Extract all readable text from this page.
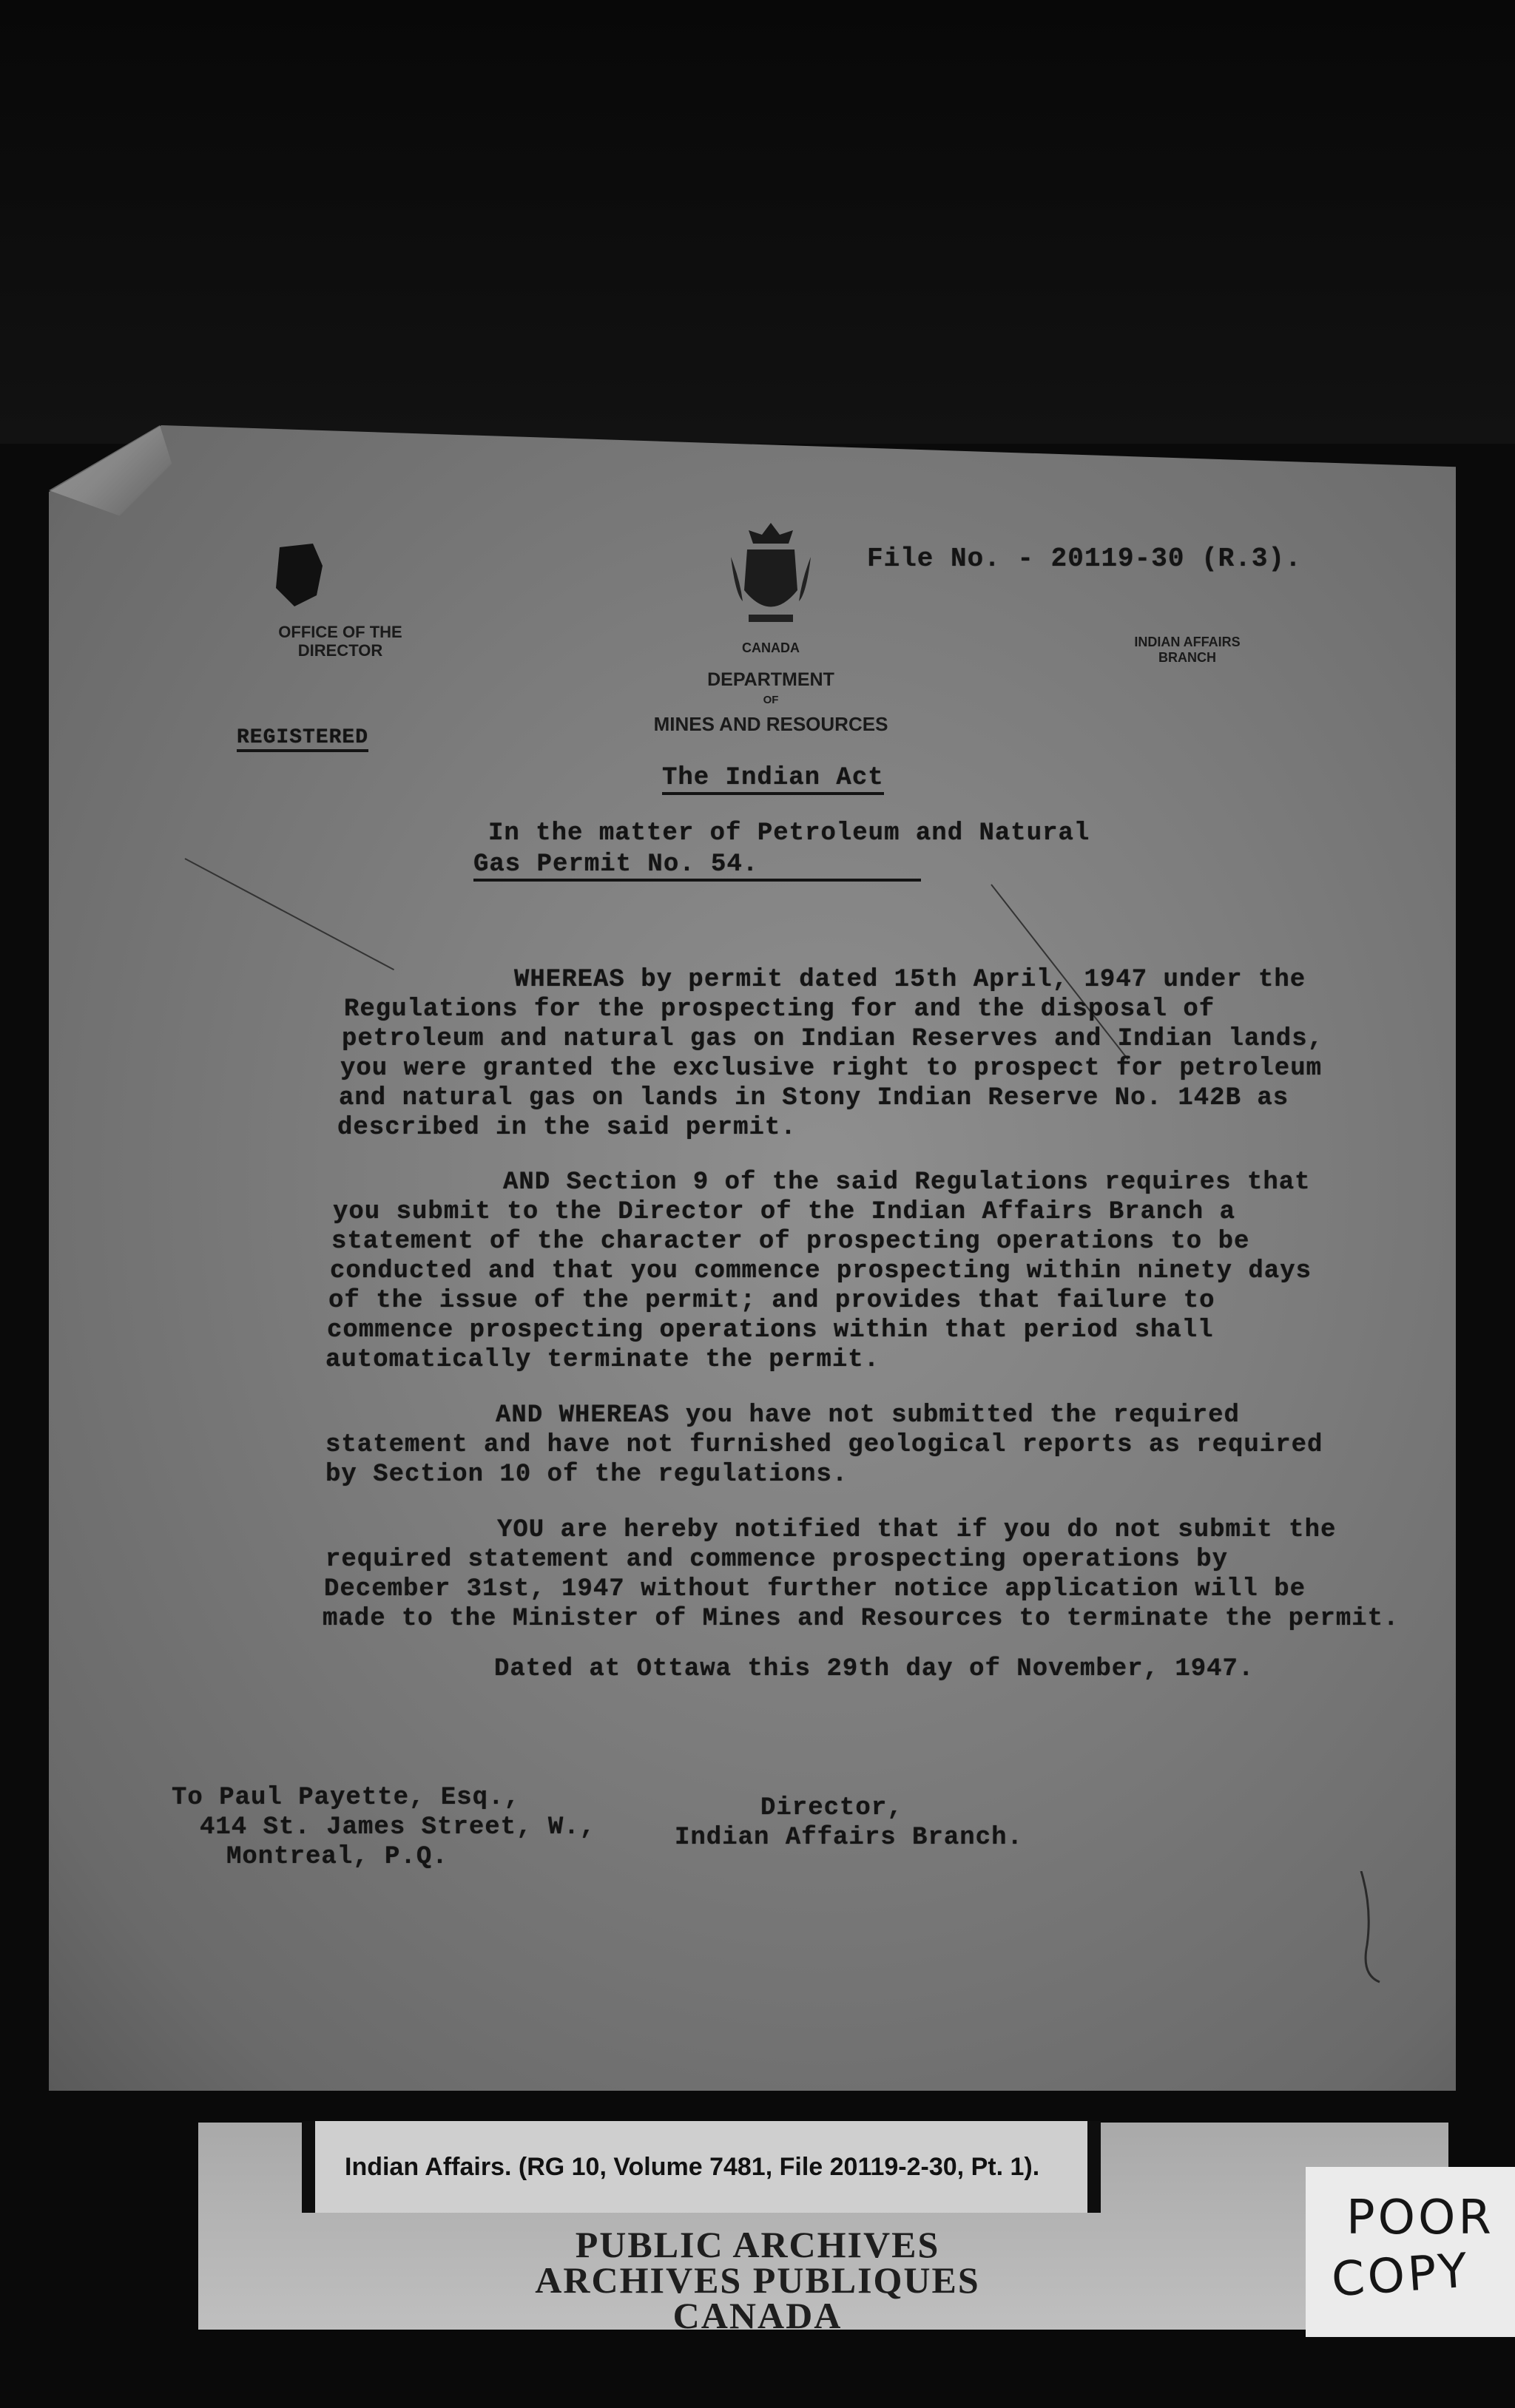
OFFICE OF THE
DIRECTOR	CANADA
DEPARTMENT
OF
MINES AND RESOURCES
File No. - 20119-30 (R.3).
INDIAN AFFAIRS
BRANCH
REGISTERED
The Indian Act
In the matter of Petroleum and Natural
Gas Permit No. 54.
WHEREAS by permit dated 15th April, 1947 under the
Regulations for the prospecting for and the disposal of
petroleum and natural gas on Indian Reserves and Indian lands,
you were granted the exclusive right to prospect for petroleum
and natural gas on lands in Stony Indian Reserve No. 142B as
described in the said permit.
AND Section 9 of the said Regulations requires that
you submit to the Director of the Indian Affairs Branch a
statement of the character of prospecting operations to be
conducted and that you commence prospecting within ninety days
of the issue of the permit; and provides that failure to
commence prospecting operations within that period shall
automatically terminate the permit.
AND WHEREAS you have not submitted the required
statement and have not furnished geological reports as required
by Section 10 of the regulations.
YOU are hereby notified that if you do not submit the
required statement and commence prospecting operations by
December 31st, 1947 without further notice application will be
made to the Minister of Mines and Resources to terminate the permit.
Dated at Ottawa this 29th day of November, 1947.
To Paul Payette, Esq.,
414 St. James Street, W.,
Montreal, P.Q.
Director,
Indian Affairs Branch.
Indian Affairs. (RG 10, Volume 7481, File 20119-2-30, Pt. 1).
PUBLIC ARCHIVES
ARCHIVES PUBLIQUES
CANADA
POOR
COPY
